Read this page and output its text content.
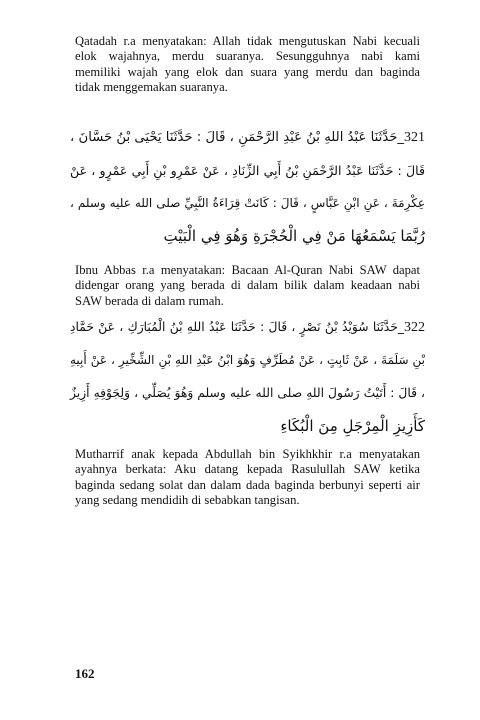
Qatadah r.a menyatakan: Allah tidak mengutuskan Nabi kecuali
elok wajahnya, merdu suaranya. Sesungguhnya nabi kami
memiliki wajah yang elok dan suara yang merdu dan baginda
tidak menggemakan suaranya.
321_حَدَّثَنَا عَبْدُ اللهِ بْنُ عَبْدِ الرَّحْمَنِ ، قَالَ : حَدَّثَنَا يَحْيَى بْنُ حَسَّانَ ،
قَالَ : حَدَّثَنَا عَبْدُ الرَّحْمَنِ بْنُ أَبِي الزِّنَادِ ، عَنْ عَمْرِو بْنِ أَبِي عَمْرٍو ، عَنْ
عِكْرِمَةَ ، عَنِ ابْنِ عَبَّاسٍ ، قَالَ : كَانَتْ قِرَاءَةُ النَّبِيِّ صلى الله عليه وسلم ،
رُبَّمَا يَسْمَعُهَا مَنْ فِي الْحُجْرَةِ وَهُوَ فِي الْبَيْتِ
Ibnu Abbas r.a menyatakan: Bacaan Al-Quran Nabi SAW dapat
didengar orang yang berada di dalam bilik dalam keadaan nabi
SAW berada di dalam rumah.
322_حَدَّثَنَا سُوَيْدُ بْنُ نَصْرٍ ، قَالَ : حَدَّثَنَا عَبْدُ اللهِ بْنُ الْمُبَارَكِ ، عَنْ حَمَّادِ
بْنِ سَلَمَةَ ، عَنْ ثَابِتٍ ، عَنْ مُطَرِّفٍ وَهُوَ ابْنُ عَبْدِ اللهِ بْنِ الشِّخِّيرِ ، عَنْ أَبِيهِ
، قَالَ : أَتَيْتُ رَسُولَ اللهِ صلى الله عليه وسلم وَهُوَ يُصَلِّي ، وَلِجَوْفِهِ أَزِيزٌ
كَأَزِيزِ الْمِرْجَلِ مِنَ الْبُكَاءِ
Mutharrif anak kepada Abdullah bin Syikhkhir r.a menyatakan
ayahnya berkata: Aku datang kepada Rasulullah SAW ketika
baginda sedang solat dan dalam dada baginda berbunyi seperti air
yang sedang mendidih di sebabkan tangisan.
162
